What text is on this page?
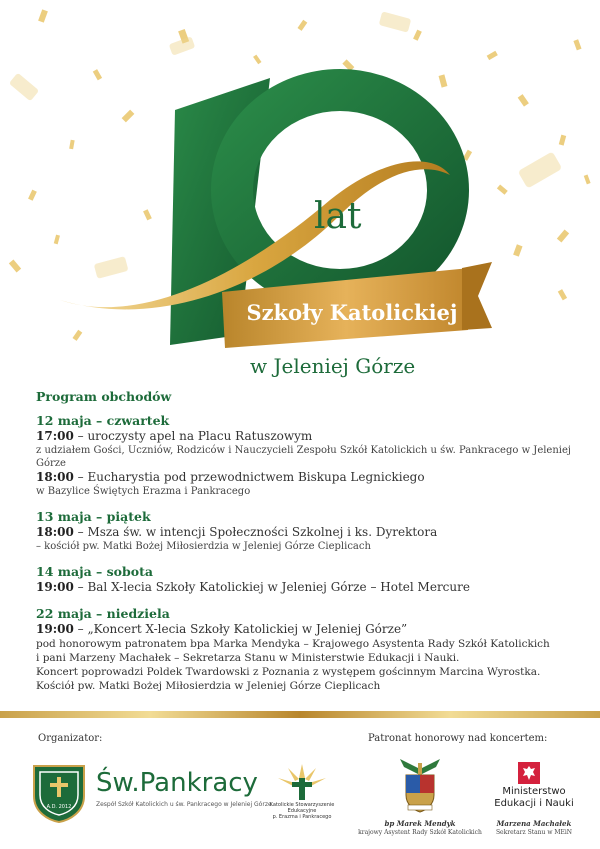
lat
Szkoły Katolickiej
w Jeleniej Górze
Program obchodów
12 maja – czwartek
17:00 – uroczysty apel na Placu Ratuszowym
z udziałem Gości, Uczniów, Rodziców i Nauczycieli Zespołu Szkół Katolickich u św. Pankracego w Jeleniej Górze
18:00 – Eucharystia pod przewodnictwem Biskupa Legnickiego
w Bazylice Świętych Erazma i Pankracego
13 maja – piątek
18:00 – Msza św. w intencji Społeczności Szkolnej i ks. Dyrektora
– kościół pw. Matki Bożej Miłosierdzia w Jeleniej Górze Cieplicach
14 maja – sobota
19:00 – Bal X-lecia Szkoły Katolickiej w Jeleniej Górze – Hotel Mercure
22 maja – niedziela
19:00 – „Koncert X-lecia Szkoły Katolickiej w Jeleniej Górze”
pod honorowym patronatem bpa Marka Mendyka – Krajowego Asystenta Rady Szkół Katolickich
i pani Marzeny Machałek – Sekretarza Stanu w Ministerstwie Edukacji i Nauki.
Koncert poprowadzi Poldek Twardowski z Poznania z występem gościnnym Marcina Wyrostka.
Kościół pw. Matki Bożej Miłosierdzia w Jeleniej Górze Cieplicach
Organizator:	Patronat honorowy nad koncertem:
A.D. 2012
Św.Pankracy
Zespół Szkół Katolickich u św. Pankracego w Jeleniej Górze
Katolickie Stowarzyszenie Edukacyjne
p. Erazma i Pankracego
bp Marek Mendyk
krajowy Asystent Rady Szkół Katolickich
Ministerstwo
Edukacji i Nauki
Marzena Machałek
Sekretarz Stanu w MEiN
